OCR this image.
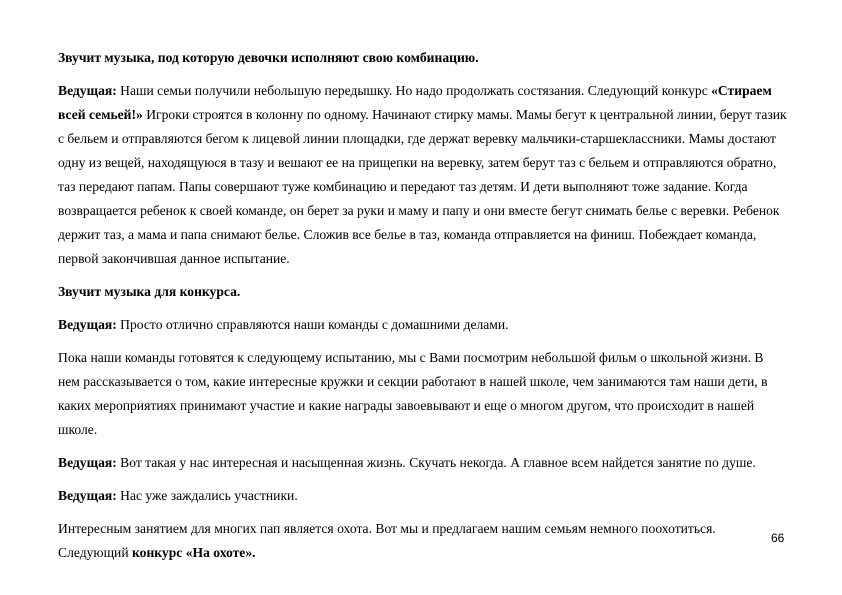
Звучит музыка, под которую девочки исполняют свою комбинацию.

Ведущая: Наши семьи получили небольшую передышку. Но надо продолжать состязания. Следующий конкурс «Стираем всей семьей!» Игроки строятся в колонну по одному. Начинают стирку мамы. Мамы бегут к центральной линии, берут тазик с бельем и отправляются бегом к лицевой линии площадки, где держат веревку мальчики-старшеклассники. Мамы достают одну из вещей, находящуюся в тазу и вешают ее на прищепки на веревку, затем берут таз с бельем и отправляются обратно, таз передают папам. Папы совершают туже комбинацию и передают таз детям. И дети выполняют тоже задание. Когда возвращается ребенок к своей команде, он берет за руки и маму и папу и они вместе бегут снимать белье с веревки. Ребенок держит таз, а мама и папа снимают белье. Сложив все белье в таз, команда отправляется на финиш. Побеждает команда, первой закончившая данное испытание.

Звучит музыка для конкурса.

Ведущая: Просто отлично справляются наши команды с домашними делами.

Пока наши команды готовятся к следующему испытанию, мы с Вами посмотрим небольшой фильм о школьной жизни. В нем рассказывается о том, какие интересные кружки и секции работают в нашей школе, чем занимаются там наши дети, в каких мероприятиях принимают участие и какие награды завоевывают и еще о многом другом, что происходит в нашей школе.

Ведущая: Вот такая у нас интересная и насыщенная жизнь. Скучать некогда. А главное всем найдется занятие по душе.

Ведущая: Нас уже заждались участники.

Интересным занятием для многих пап является охота. Вот мы и предлагаем нашим семьям немного поохотиться. Следующий конкурс «На охоте».

66
